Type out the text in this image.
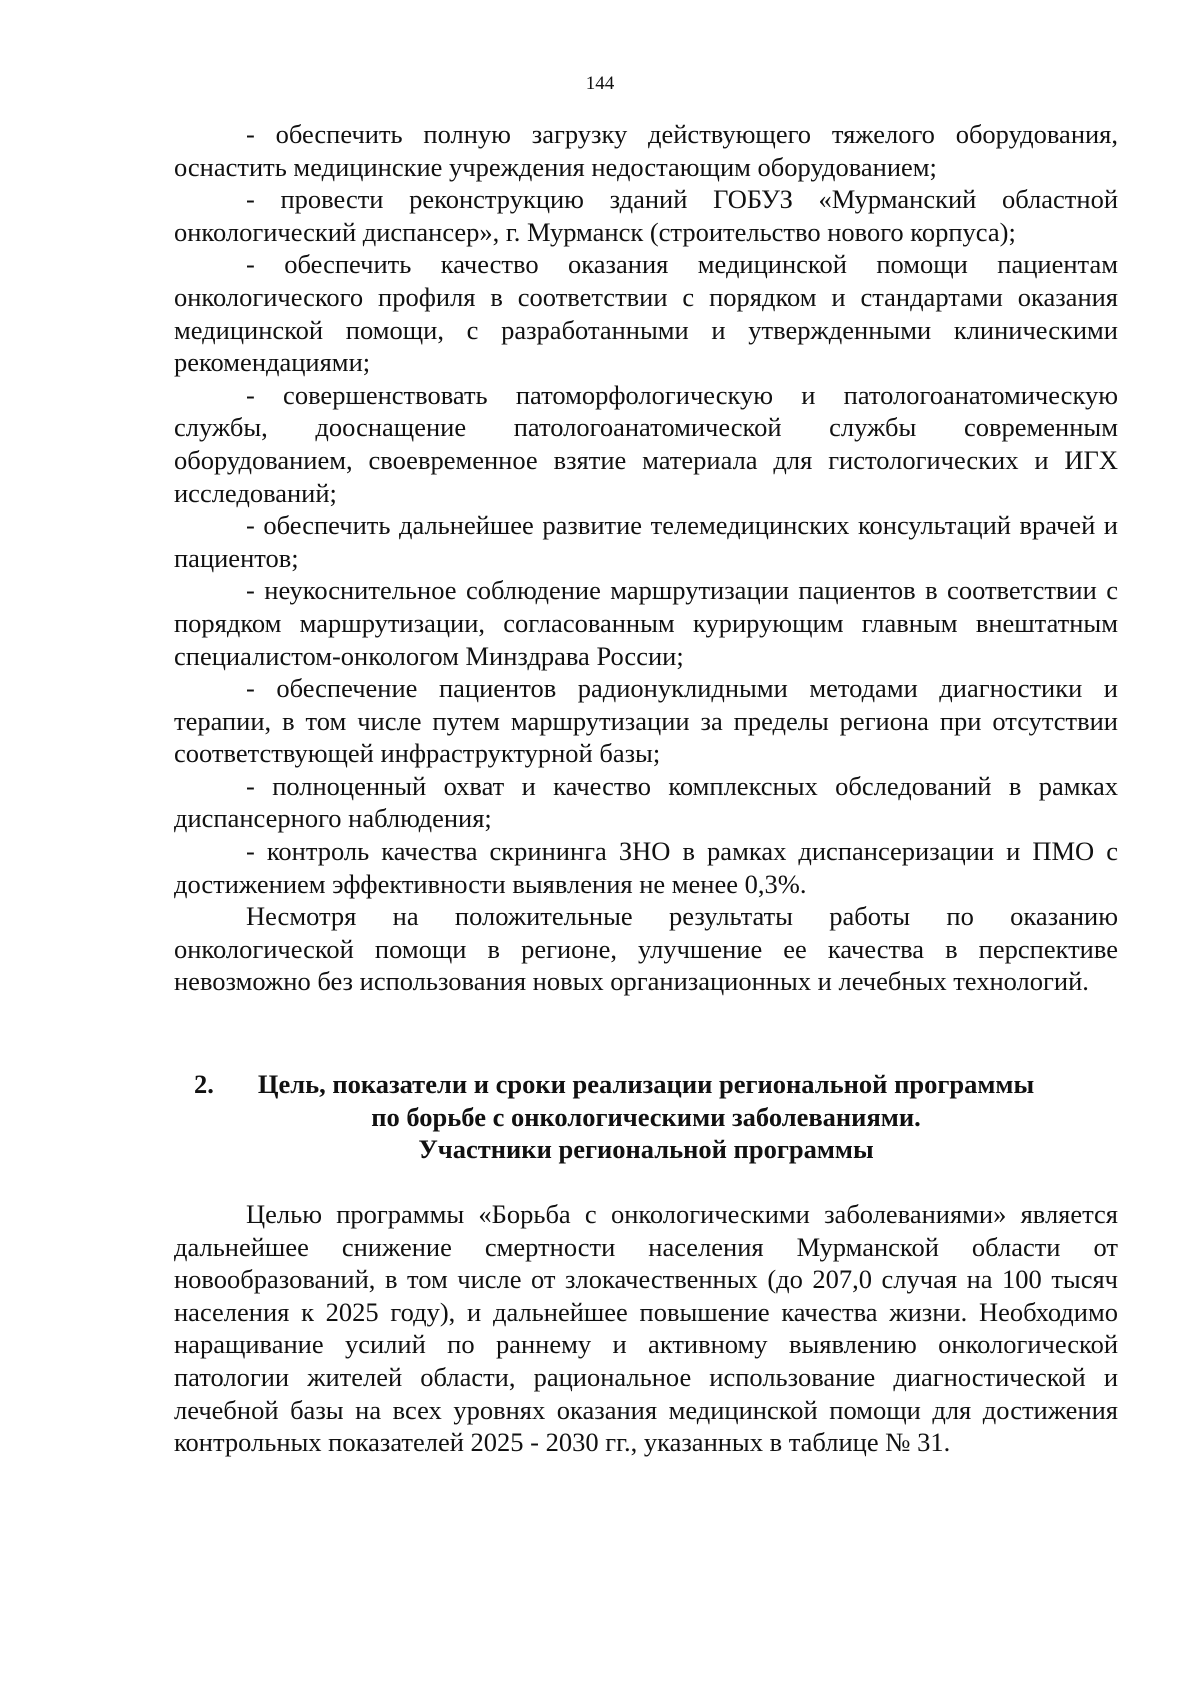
144

- обеспечить полную загрузку действующего тяжелого оборудования, оснастить медицинские учреждения недостающим оборудованием;

- провести реконструкцию зданий ГОБУЗ «Мурманский областной онкологический диспансер», г. Мурманск (строительство нового корпуса);

- обеспечить качество оказания медицинской помощи пациентам онкологического профиля в соответствии с порядком и стандартами оказания медицинской помощи, с разработанными и утвержденными клиническими рекомендациями;

- совершенствовать патоморфологическую и патологоанатомическую службы, дооснащение патологоанатомической службы современным оборудованием, своевременное взятие материала для гистологических и ИГХ исследований;

- обеспечить дальнейшее развитие телемедицинских консультаций врачей и пациентов;

- неукоснительное соблюдение маршрутизации пациентов в соответствии с порядком маршрутизации, согласованным курирующим главным внештатным специалистом-онкологом Минздрава России;

- обеспечение пациентов радионуклидными методами диагностики и терапии, в том числе путем маршрутизации за пределы региона при отсутствии соответствующей инфраструктурной базы;

- полноценный охват и качество комплексных обследований в рамках диспансерного наблюдения;

- контроль качества скрининга ЗНО в рамках диспансеризации и ПМО с достижением эффективности выявления не менее 0,3%.

Несмотря на положительные результаты работы по оказанию онкологической помощи в регионе, улучшение ее качества в перспективе невозможно без использования новых организационных и лечебных технологий.

2.	Цель, показатели и сроки реализации региональной программы
по борьбе с онкологическими заболеваниями.
Участники региональной программы

Целью программы «Борьба с онкологическими заболеваниями» является дальнейшее снижение смертности населения Мурманской области от новообразований, в том числе от злокачественных (до 207,0 случая на 100 тысяч населения к 2025 году), и дальнейшее повышение качества жизни. Необходимо наращивание усилий по раннему и активному выявлению онкологической патологии жителей области, рациональное использование диагностической и лечебной базы на всех уровнях оказания медицинской помощи для достижения контрольных показателей 2025 - 2030 гг., указанных в таблице № 31.
